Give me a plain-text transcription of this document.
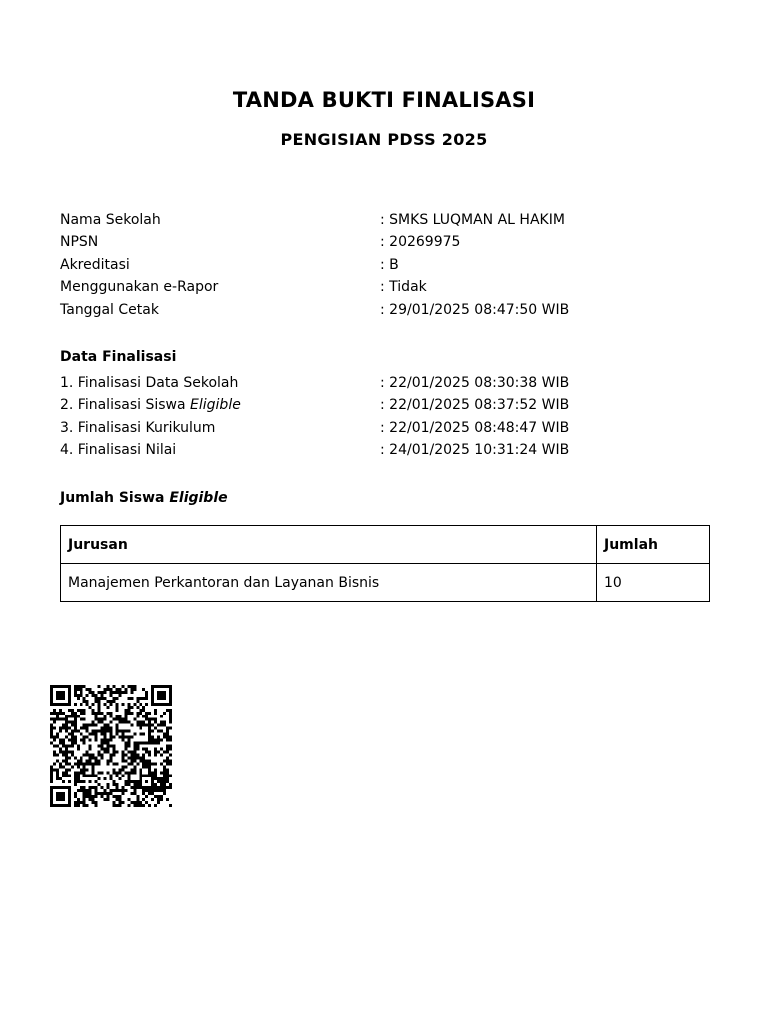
TANDA BUKTI FINALISASI
PENGISIAN PDSS 2025
Nama Sekolah	: SMKS LUQMAN AL HAKIM
NPSN	: 20269975
Akreditasi	: B
Menggunakan e-Rapor	: Tidak
Tanggal Cetak	: 29/01/2025 08:47:50 WIB
Data Finalisasi
1. Finalisasi Data Sekolah	: 22/01/2025 08:30:38 WIB
2. Finalisasi Siswa Eligible	: 22/01/2025 08:37:52 WIB
3. Finalisasi Kurikulum	: 22/01/2025 08:48:47 WIB
4. Finalisasi Nilai	: 24/01/2025 10:31:24 WIB
Jumlah Siswa Eligible
Jurusan	Jumlah
Manajemen Perkantoran dan Layanan Bisnis	10
